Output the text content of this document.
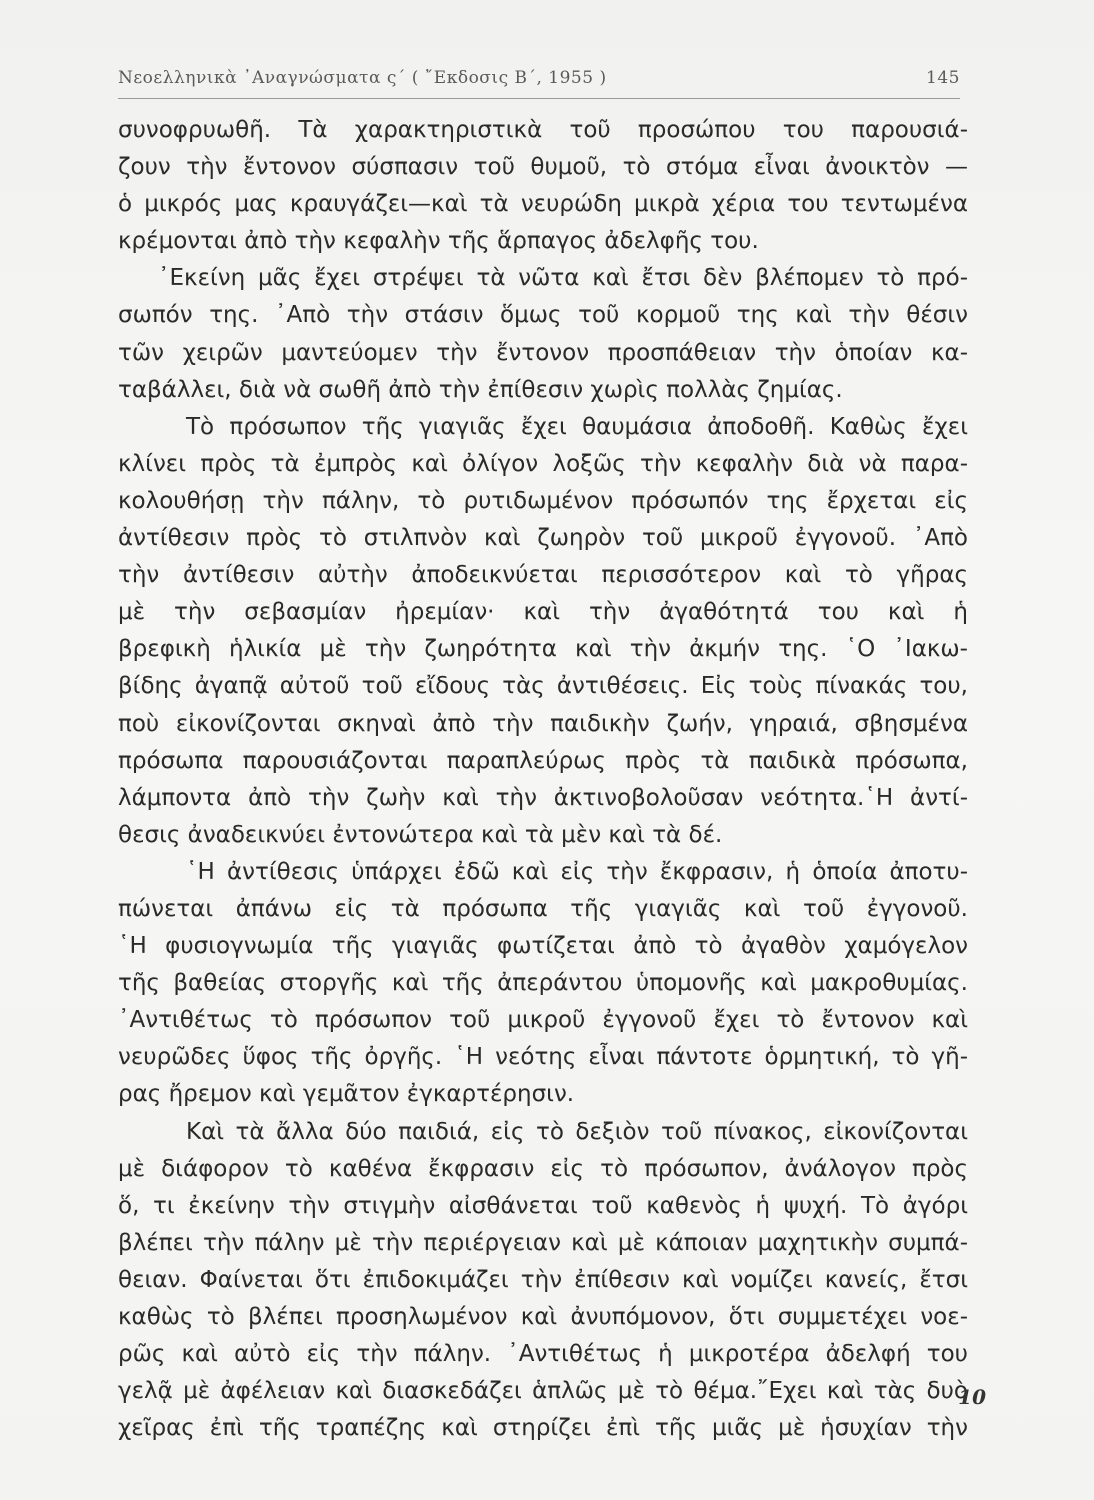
Νεοελληνικὰ ᾿Αναγνώσματα ς΄ ( ῎Εκδοσις Β΄, 1955 )	145
συνοφρυωθῆ. Τὰ χαρακτηριστικὰ τοῦ προσώπου του παρουσιά-
ζουν τὴν ἔντονον σύσπασιν τοῦ θυμοῦ, τὸ στόμα εἶναι ἀνοικτὸν —
ὁ μικρός μας κραυγάζει—καὶ τὰ νευρώδη μικρὰ χέρια του τεντωμένα
κρέμονται ἀπὸ τὴν κεφαλὴν τῆς ἅρπαγος ἀδελφῆς του.
᾿Εκείνη μᾶς ἔχει στρέψει τὰ νῶτα καὶ ἔτσι δὲν βλέπομεν τὸ πρό-
σωπόν της. ᾿Απὸ τὴν στάσιν ὅμως τοῦ κορμοῦ της καὶ τὴν θέσιν
τῶν χειρῶν μαντεύομεν τὴν ἔντονον προσπάθειαν τὴν ὁποίαν κα-
ταβάλλει, διὰ νὰ σωθῆ ἀπὸ τὴν ἐπίθεσιν χωρὶς πολλὰς ζημίας.
Τὸ πρόσωπον τῆς γιαγιᾶς ἔχει θαυμάσια ἀποδοθῆ. Καθὼς ἔχει
κλίνει πρὸς τὰ ἐμπρὸς καὶ ὀλίγον λοξῶς τὴν κεφαλὴν διὰ νὰ παρα-
κολουθήσῃ τὴν πάλην, τὸ ρυτιδωμένον πρόσωπόν της ἔρχεται εἰς
ἀντίθεσιν πρὸς τὸ στιλπνὸν καὶ ζωηρὸν τοῦ μικροῦ ἐγγονοῦ. ᾿Απὸ
τὴν ἀντίθεσιν αὐτὴν ἀποδεικνύεται περισσότερον καὶ τὸ γῆρας
μὲ τὴν σεβασμίαν ἠρεμίαν· καὶ τὴν ἀγαθότητά του καὶ ἡ
βρεφικὴ ἡλικία μὲ τὴν ζωηρότητα καὶ τὴν ἀκμήν της. ῾Ο ᾿Ιακω-
βίδης ἀγαπᾷ αὐτοῦ τοῦ εἴδους τὰς ἀντιθέσεις. Εἰς τοὺς πίνακάς του,
ποὺ εἰκονίζονται σκηναὶ ἀπὸ τὴν παιδικὴν ζωήν, γηραιά, σβησμένα
πρόσωπα παρουσιάζονται παραπλεύρως πρὸς τὰ παιδικὰ πρόσωπα,
λάμποντα ἀπὸ τὴν ζωὴν καὶ τὴν ἀκτινοβολοῦσαν νεότητα.῾Η ἀντί-
θεσις ἀναδεικνύει ἐντονώτερα καὶ τὰ μὲν καὶ τὰ δέ.
῾Η ἀντίθεσις ὑπάρχει ἐδῶ καὶ εἰς τὴν ἔκφρασιν, ἡ ὁποία ἀποτυ-
πώνεται ἀπάνω εἰς τὰ πρόσωπα τῆς γιαγιᾶς καὶ τοῦ ἐγγονοῦ.
῾Η φυσιογνωμία τῆς γιαγιᾶς φωτίζεται ἀπὸ τὸ ἀγαθὸν χαμόγελον
τῆς βαθείας στοργῆς καὶ τῆς ἀπεράντου ὑπομονῆς καὶ μακροθυμίας.
᾿Αντιθέτως τὸ πρόσωπον τοῦ μικροῦ ἐγγονοῦ ἔχει τὸ ἔντονον καὶ
νευρῶδες ὕφος τῆς ὀργῆς. ῾Η νεότης εἶναι πάντοτε ὁρμητική, τὸ γῆ-
ρας ἤρεμον καὶ γεμᾶτον ἐγκαρτέρησιν.
Καὶ τὰ ἄλλα δύο παιδιά, εἰς τὸ δεξιὸν τοῦ πίνακος, εἰκονίζονται
μὲ διάφορον τὸ καθένα ἔκφρασιν εἰς τὸ πρόσωπον, ἀνάλογον πρὸς
ὅ, τι ἐκείνην τὴν στιγμὴν αἰσθάνεται τοῦ καθενὸς ἡ ψυχή. Τὸ ἀγόρι
βλέπει τὴν πάλην μὲ τὴν περιέργειαν καὶ μὲ κάποιαν μαχητικὴν συμπά-
θειαν. Φαίνεται ὅτι ἐπιδοκιμάζει τὴν ἐπίθεσιν καὶ νομίζει κανείς, ἔτσι
καθὼς τὸ βλέπει προσηλωμένον καὶ ἀνυπόμονον, ὅτι συμμετέχει νοε-
ρῶς καὶ αὐτὸ εἰς τὴν πάλην. ᾿Αντιθέτως ἡ μικροτέρα ἀδελφή του
γελᾷ μὲ ἀφέλειαν καὶ διασκεδάζει ἁπλῶς μὲ τὸ θέμα.῎Εχει καὶ τὰς δυὸ
χεῖρας ἐπὶ τῆς τραπέζης καὶ στηρίζει ἐπὶ τῆς μιᾶς μὲ ἡσυχίαν τὴν
10
